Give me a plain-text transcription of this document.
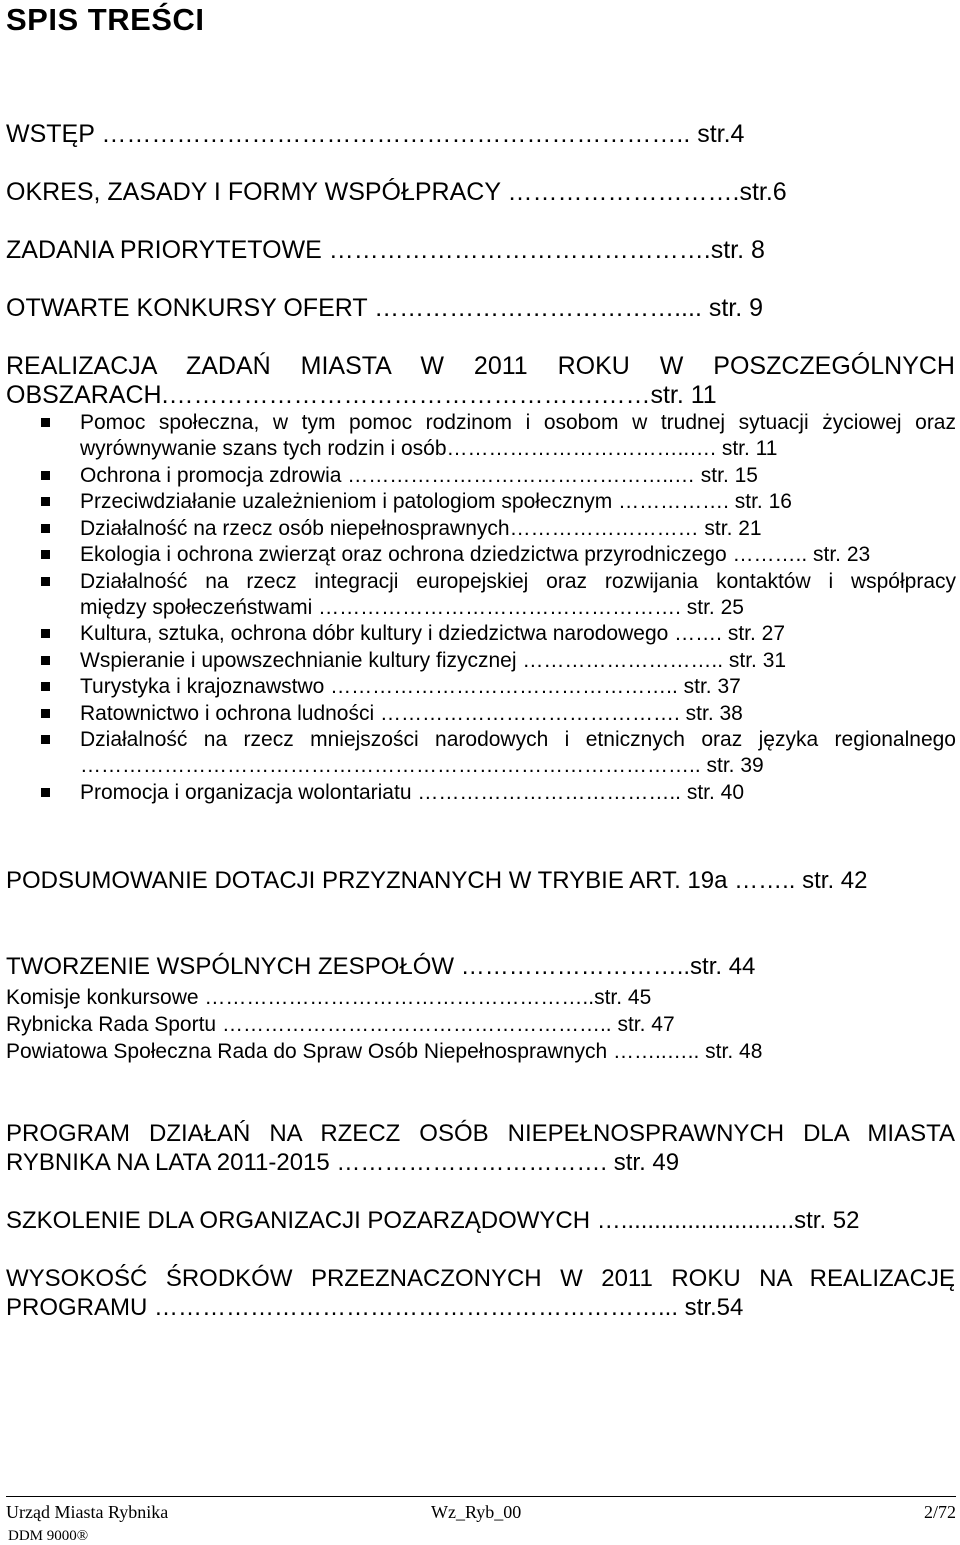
SPIS TREŚCI
WSTĘP …………………………………………………………….. str.4
OKRES, ZASADY I FORMY WSPÓŁPRACY ……………………….str.6
ZADANIA PRIORYTETOWE ……………………………………….str. 8
OTWARTE KONKURSY OFERT ……………………………….... str. 9
REALIZACJA ZADAŃ MIASTA W 2011 ROKU W POSZCZEGÓLNYCH
OBSZARACH.…………………………………………….……str. 11
Pomoc społeczna, w tym pomoc rodzinom i osobom w trudnej sytuacji życiowej oraz
wyrównywanie szans tych rodzin i osób……………………………..…. str. 11
Ochrona i promocja zdrowia ………………………………………..… str. 15
Przeciwdziałanie uzależnieniom i patologiom społecznym ……………. str. 16
Działalność na rzecz osób niepełnosprawnych……………………… str. 21
Ekologia i ochrona zwierząt oraz ochrona dziedzictwa przyrodniczego ……….. str. 23
Działalność na rzecz integracji europejskiej oraz rozwijania kontaktów i współpracy
między społeczeństwami ……………………………………………. str. 25
Kultura, sztuka, ochrona dóbr kultury i dziedzictwa narodowego ……. str. 27
Wspieranie i upowszechnianie kultury fizycznej ……………………….. str. 31
Turystyka i krajoznawstwo ………………………………………….. str. 37
Ratownictwo i ochrona ludności ……………………………………. str. 38
Działalność na rzecz mniejszości narodowych i etnicznych oraz języka regionalnego
…………………………………………………………………………….. str. 39
Promocja i organizacja wolontariatu ……………………………….. str. 40
PODSUMOWANIE DOTACJI PRZYZNANYCH W TRYBIE ART. 19a …….. str. 42
TWORZENIE WSPÓLNYCH ZESPOŁÓW ………………………..str. 44
Komisje konkursowe ………………………………………………..str. 45
Rybnicka Rada Sportu ……………………………………………….. str. 47
Powiatowa Społeczna Rada do Spraw Osób Niepełnosprawnych ……..….. str. 48
PROGRAM DZIAŁAŃ NA RZECZ OSÓB NIEPEŁNOSPRAWNYCH DLA MIASTA
RYBNIKA NA LATA 2011-2015 ……………………………. str. 49
SZKOLENIE DLA ORGANIZACJI POZARZĄDOWYCH …..........................str. 52
WYSOKOŚĆ ŚRODKÓW PRZEZNACZONYCH W 2011 ROKU NA REALIZACJĘ
PROGRAMU ………………………………………………………... str.54
Urząd Miasta Rybnika	Wz_Ryb_00	2/72
DDM 9000®
